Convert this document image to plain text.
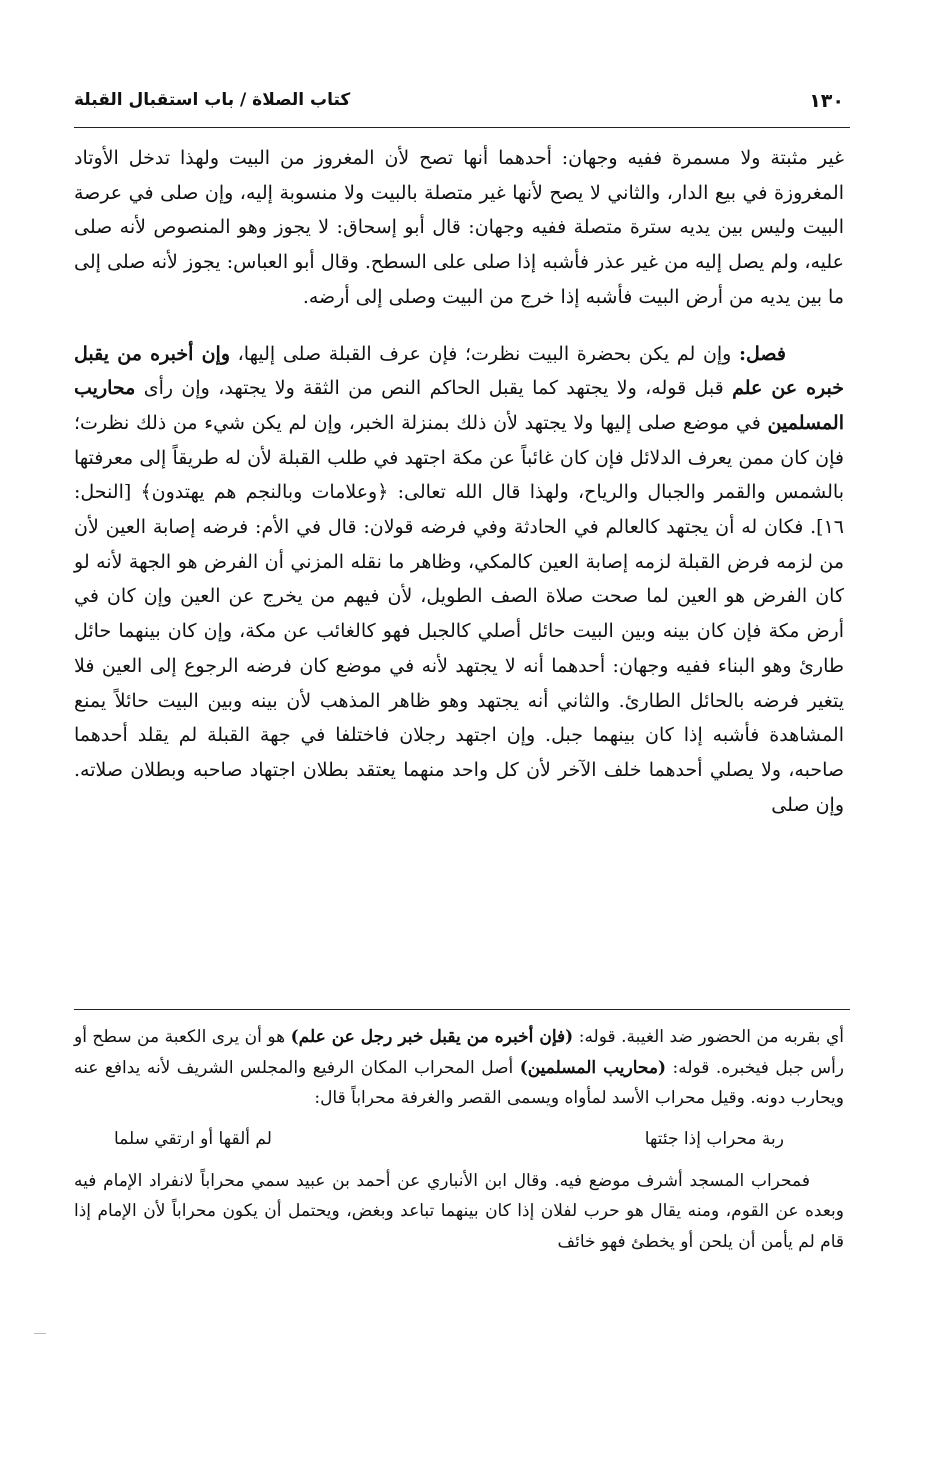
١٣٠
كتاب الصلاة / باب استقبال القبلة

غير مثبتة ولا مسمرة ففيه وجهان: أحدهما أنها تصح لأن المغروز من البيت ولهذا تدخل الأوتاد المغروزة في بيع الدار، والثاني لا يصح لأنها غير متصلة بالبيت ولا منسوبة إليه، وإن صلى في عرصة البيت وليس بين يديه سترة متصلة ففيه وجهان: قال أبو إسحاق: لا يجوز وهو المنصوص لأنه صلى عليه، ولم يصل إليه من غير عذر فأشبه إذا صلى على السطح. وقال أبو العباس: يجوز لأنه صلى إلى ما بين يديه من أرض البيت فأشبه إذا خرج من البيت وصلى إلى أرضه.

فصل: وإن لم يكن بحضرة البيت نظرت؛ فإن عرف القبلة صلى إليها، وإن أخبره من يقبل خبره عن علم قبل قوله، ولا يجتهد كما يقبل الحاكم النص من الثقة ولا يجتهد، وإن رأى محاريب المسلمين في موضع صلى إليها ولا يجتهد لأن ذلك بمنزلة الخبر، وإن لم يكن شيء من ذلك نظرت؛ فإن كان ممن يعرف الدلائل فإن كان غائباً عن مكة اجتهد في طلب القبلة لأن له طريقاً إلى معرفتها بالشمس والقمر والجبال والرياح، ولهذا قال الله تعالى: ﴿وعلامات وبالنجم هم يهتدون﴾ [النحل: ١٦]. فكان له أن يجتهد كالعالم في الحادثة وفي فرضه قولان: قال في الأم: فرضه إصابة العين لأن من لزمه فرض القبلة لزمه إصابة العين كالمكي، وظاهر ما نقله المزني أن الفرض هو الجهة لأنه لو كان الفرض هو العين لما صحت صلاة الصف الطويل، لأن فيهم من يخرج عن العين وإن كان في أرض مكة فإن كان بينه وبين البيت حائل أصلي كالجبل فهو كالغائب عن مكة، وإن كان بينهما حائل طارئ وهو البناء ففيه وجهان: أحدهما أنه لا يجتهد لأنه في موضع كان فرضه الرجوع إلى العين فلا يتغير فرضه بالحائل الطارئ. والثاني أنه يجتهد وهو ظاهر المذهب لأن بينه وبين البيت حائلاً يمنع المشاهدة فأشبه إذا كان بينهما جبل. وإن اجتهد رجلان فاختلفا في جهة القبلة لم يقلد أحدهما صاحبه، ولا يصلي أحدهما خلف الآخر لأن كل واحد منهما يعتقد بطلان اجتهاد صاحبه وبطلان صلاته. وإن صلى

أي بقربه من الحضور ضد الغيبة. قوله: (فإن أخبره من يقبل خبر رجل عن علم) هو أن يرى الكعبة من سطح أو رأس جبل فيخبره. قوله: (محاريب المسلمين) أصل المحراب المكان الرفيع والمجلس الشريف لأنه يدافع عنه ويحارب دونه. وقيل محراب الأسد لمأواه ويسمى القصر والغرفة محراباً قال:

ربة محراب إذا جئتها
لم ألقها أو ارتقي سلما

فمحراب المسجد أشرف موضع فيه. وقال ابن الأنباري عن أحمد بن عبيد سمي محراباً لانفراد الإمام فيه وبعده عن القوم، ومنه يقال هو حرب لفلان إذا كان بينهما تباعد وبغض، ويحتمل أن يكون محراباً لأن الإمام إذا قام لم يأمن أن يلحن أو يخطئ فهو خائف
